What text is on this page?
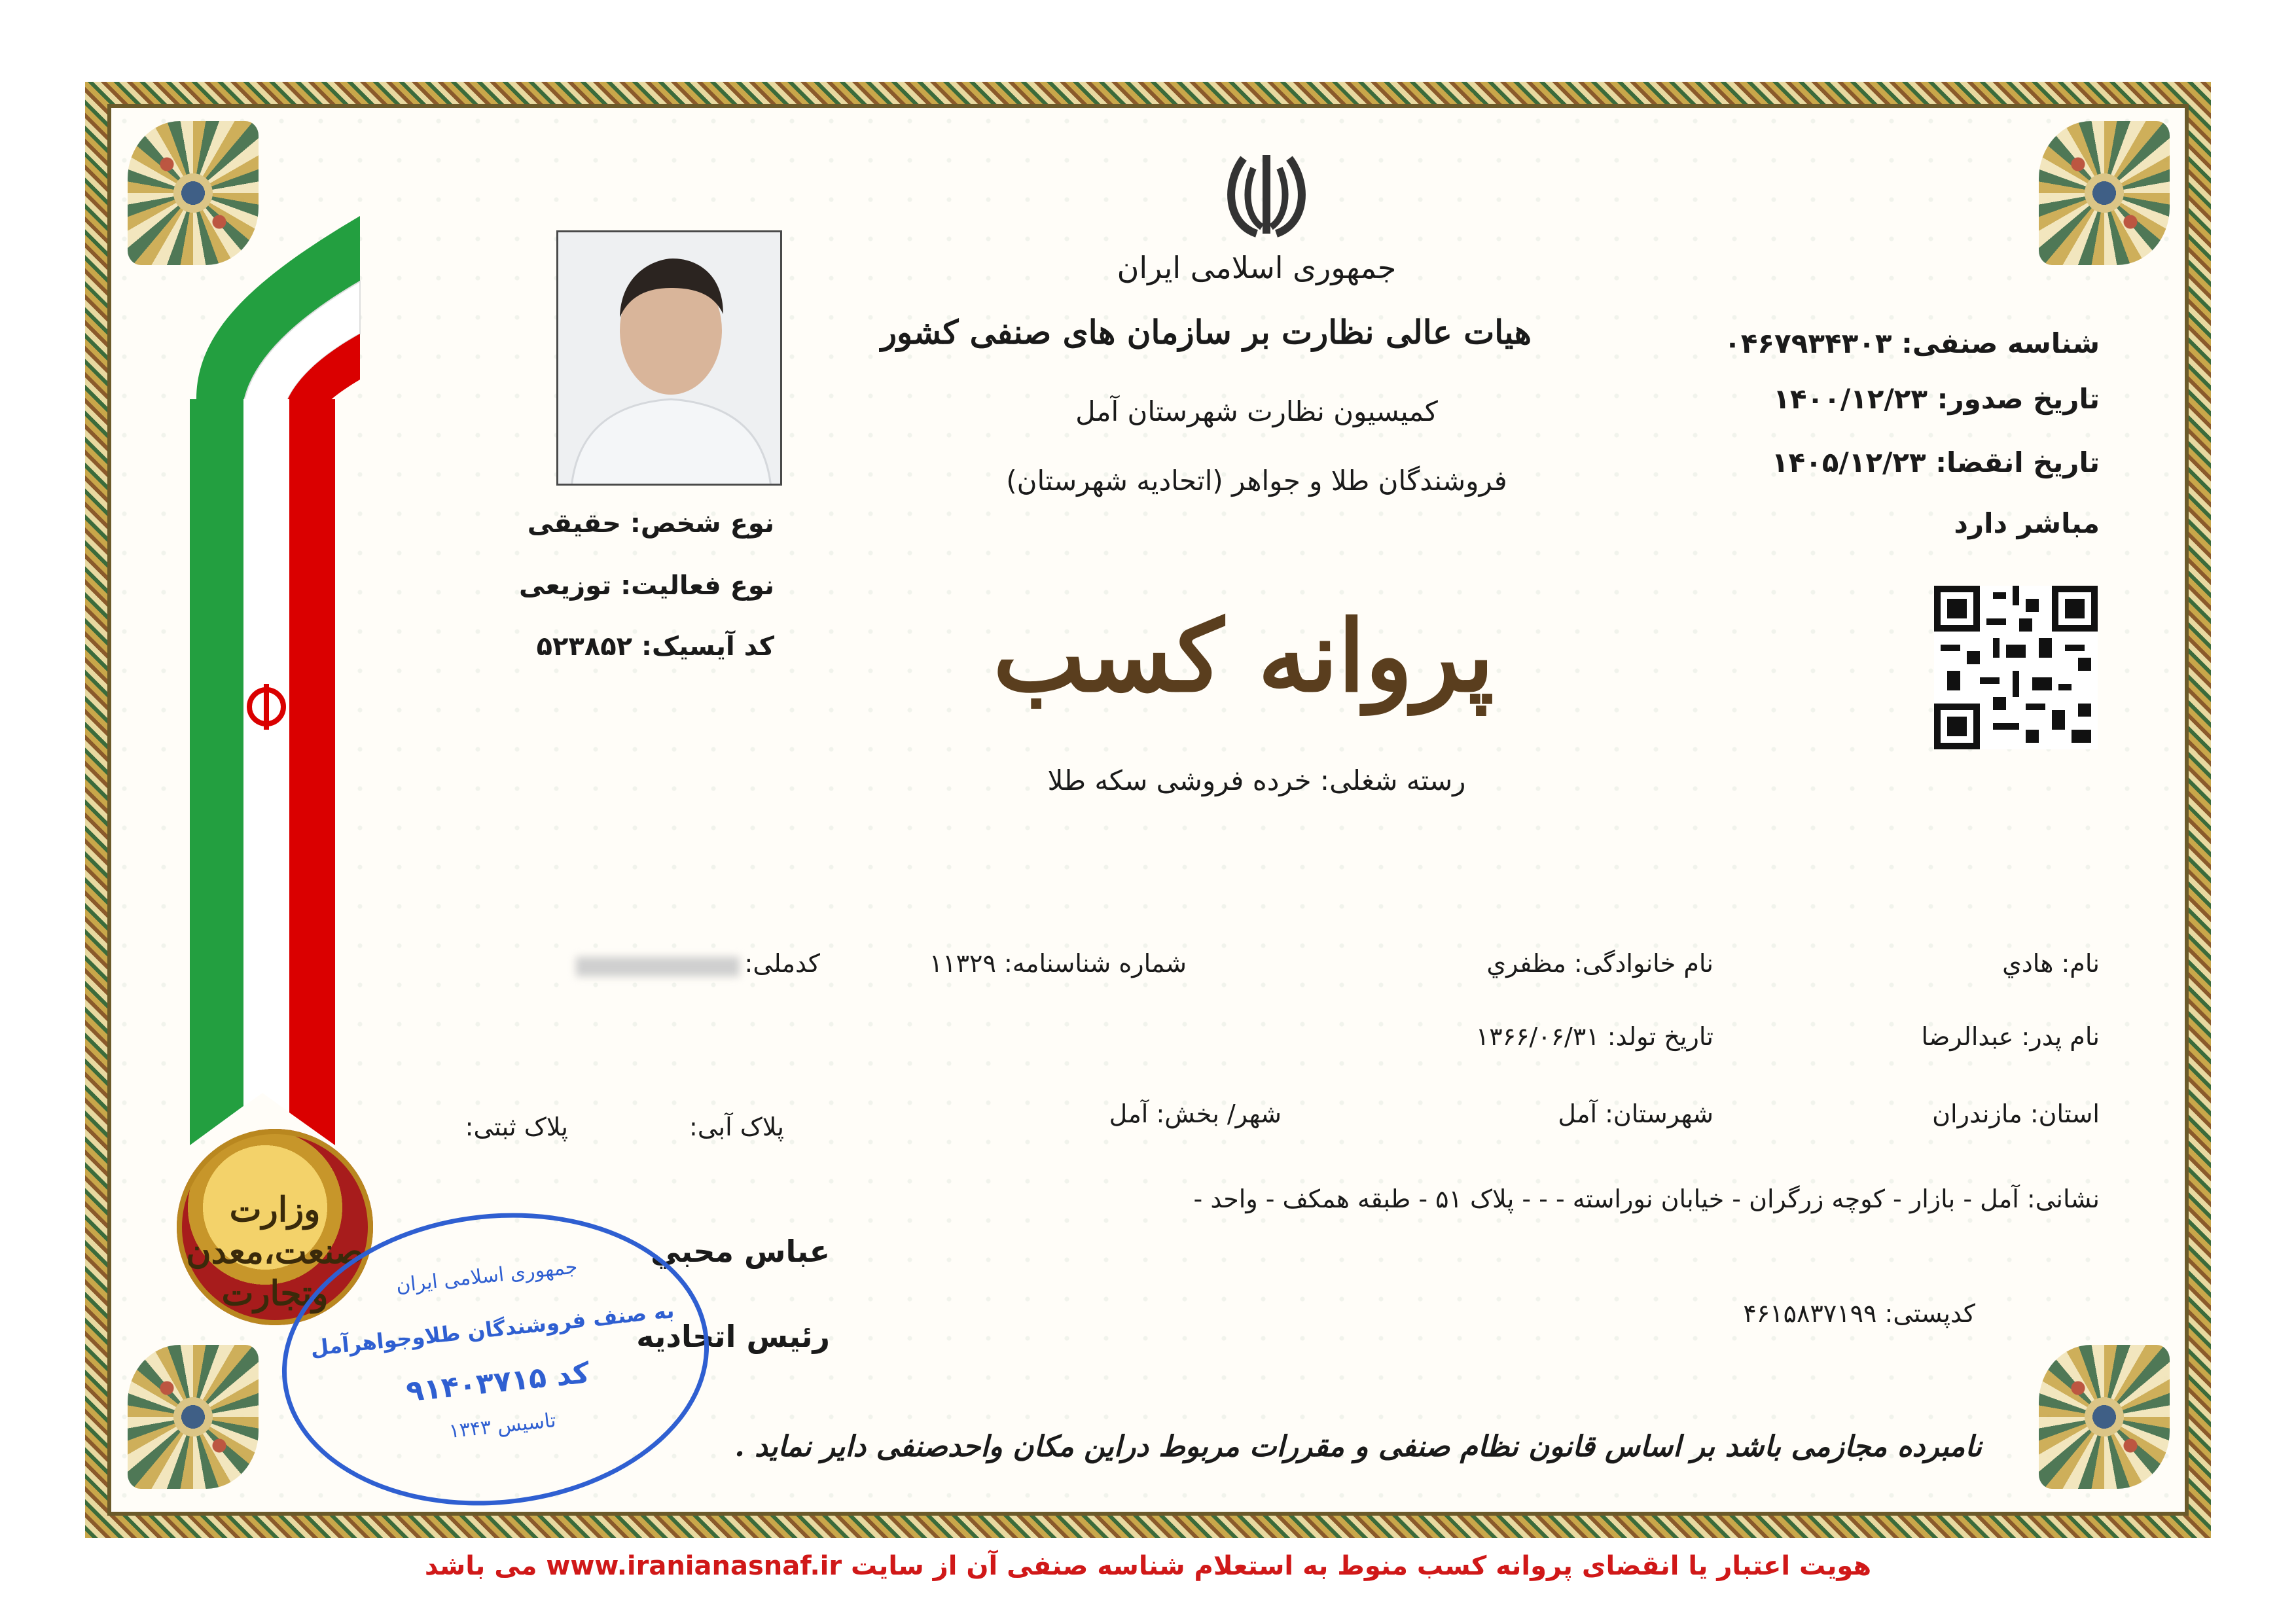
جمهوری اسلامی ایران
هیات عالی نظارت بر سازمان های صنفی کشور
کمیسیون نظارت شهرستان آمل
فروشندگان طلا و جواهر (اتحادیه شهرستان)
پروانه کسب
رسته شغلی: خرده فروشی سکه طلا
شناسه صنفی: ۰۴۶۷۹۳۴۳۰۳
تاریخ صدور: ۱۴۰۰/۱۲/۲۳
تاریخ انقضا: ۱۴۰۵/۱۲/۲۳
مباشر دارد
نوع شخص: حقیقی
نوع فعالیت: توزیعی
کد آیسیک: ۵۲۳۸۵۲
نام: هادي
نام خانوادگی: مظفري
شماره شناسنامه: ۱۱۳۲۹
کدملی:
نام پدر: عبدالرضا
تاریخ تولد: ۱۳۶۶/۰۶/۳۱
استان: مازندران
شهرستان: آمل
شهر/ بخش: آمل
پلاک آبی:
پلاک ثبتی:
نشانی: آمل - بازار - کوچه زرگران - خیابان نوراسته - - - پلاک ۵۱ - طبقه همکف - واحد -
کدپستی: ۴۶۱۵۸۳۷۱۹۹
عباس محبي
رئیس اتحادیه
وزارت
صنعت،معدن
وتجارت	جمهوری اسلامی ایران
به صنف فروشندگان طلاوجواهرآمل
کد ۹۱۴۰۳۷۱۵
تاسیس ۱۳۴۳
نامبرده مجازمی باشد بر اساس قانون نظام صنفی و مقررات مربوط دراین مکان واحدصنفی دایر نماید .
هویت اعتبار یا انقضای پروانه کسب منوط به استعلام شناسه صنفی آن از سایت www.iranianasnaf.ir می باشد
